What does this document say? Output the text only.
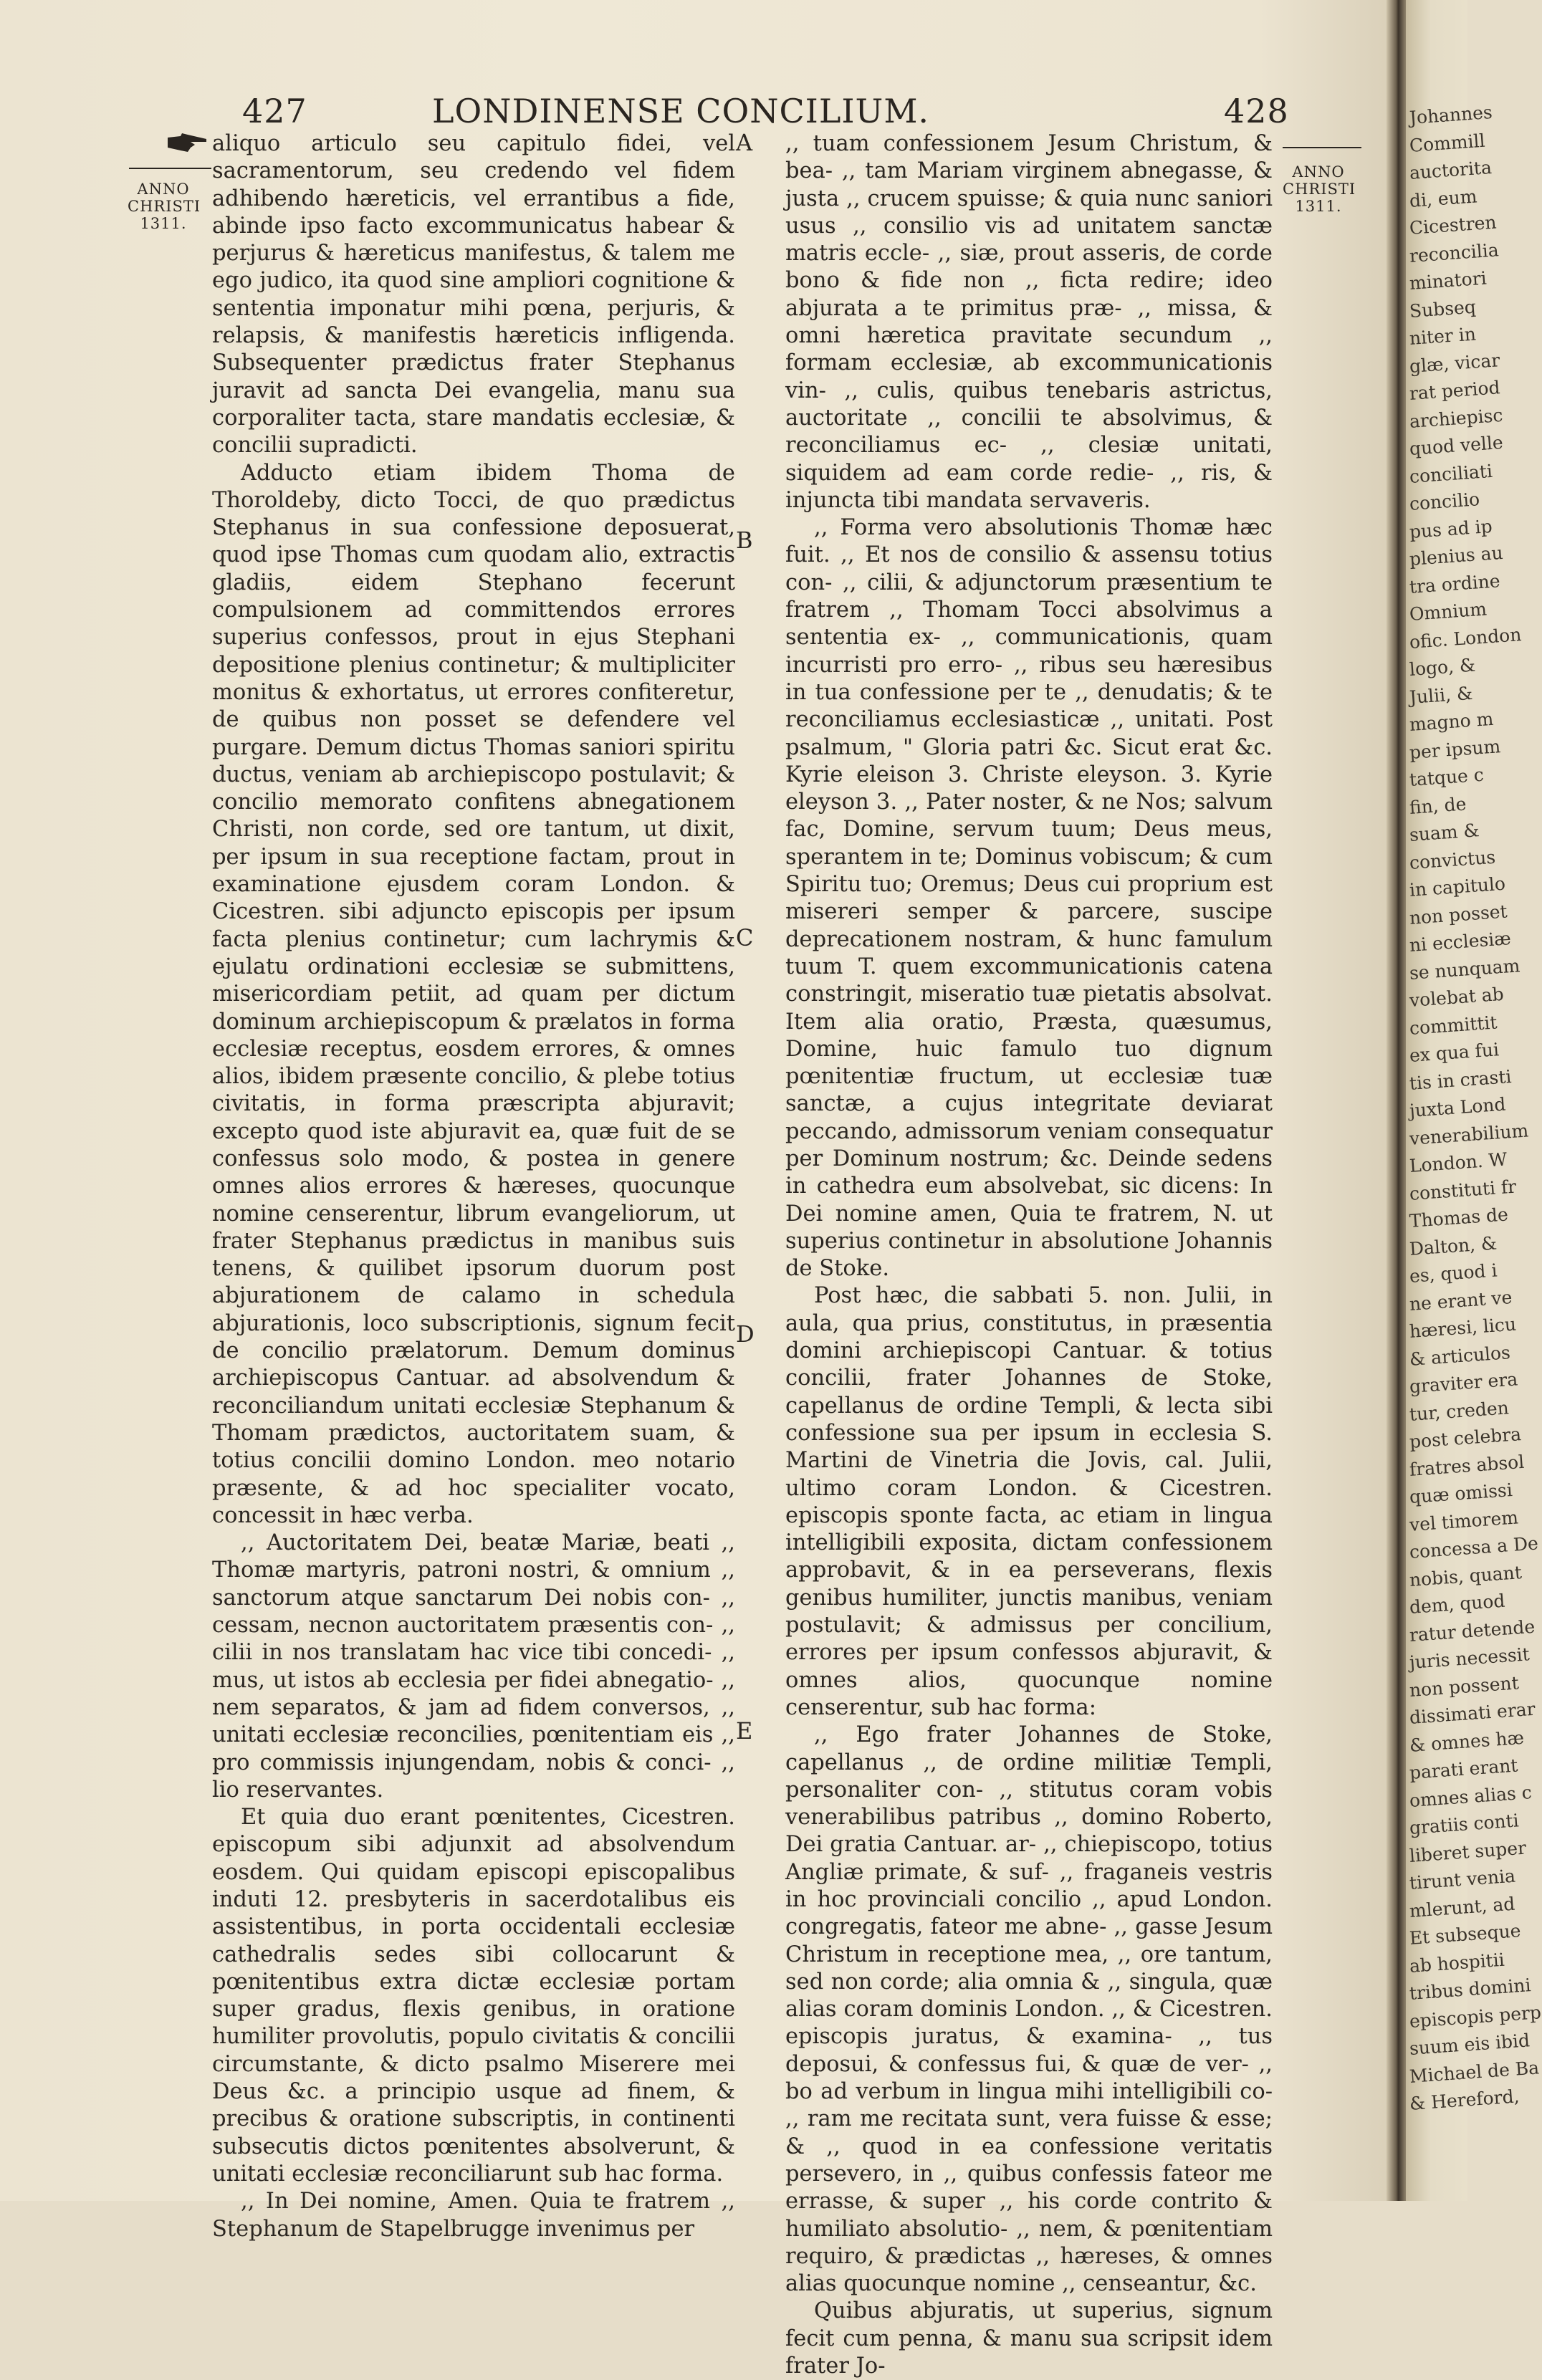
427	LONDINENSE CONCILIUM.	428
ANNO CHRISTI
1311.
ANNO CHRISTI
1311.
A
B
C
D
E

aliquo articulo seu capitulo fidei, vel sacramentorum, seu credendo vel fidem adhibendo hæreticis, vel errantibus a fide, abinde ipso facto excommunicatus habear & perjurus & hæreticus manifestus, & talem me ego judico, ita quod sine ampliori cognitione & sententia imponatur mihi pœna, perjuris, & relapsis, & manifestis hæreticis infligenda. Subsequenter prædictus frater Stephanus juravit ad sancta Dei evangelia, manu sua corporaliter tacta, stare mandatis ecclesiæ, & concilii supradicti.

Adducto etiam ibidem Thoma de Thoroldeby, dicto Tocci, de quo prædictus Stephanus in sua confessione deposuerat, quod ipse Thomas cum quodam alio, extractis gladiis, eidem Stephano fecerunt compulsionem ad committendos errores superius confessos, prout in ejus Stephani depositione plenius continetur; & multipliciter monitus & exhortatus, ut errores confiteretur, de quibus non posset se defendere vel purgare. Demum dictus Thomas saniori spiritu ductus, veniam ab archiepiscopo postulavit; & concilio memorato confitens abnegationem Christi, non corde, sed ore tantum, ut dixit, per ipsum in sua receptione factam, prout in examinatione ejusdem coram London. & Cicestren. sibi adjuncto episcopis per ipsum facta plenius continetur; cum lachrymis & ejulatu ordinationi ecclesiæ se submittens, misericordiam petiit, ad quam per dictum dominum archiepiscopum & prælatos in forma ecclesiæ receptus, eosdem errores, & omnes alios, ibidem præsente concilio, & plebe totius civitatis, in forma præscripta abjuravit; excepto quod iste abjuravit ea, quæ fuit de se confessus solo modo, & postea in genere omnes alios errores & hæreses, quocunque nomine censerentur, librum evangeliorum, ut frater Stephanus prædictus in manibus suis tenens, & quilibet ipsorum duorum post abjurationem de calamo in schedula abjurationis, loco subscriptionis, signum fecit de concilio prælatorum. Demum dominus archiepiscopus Cantuar. ad absolvendum & reconciliandum unitati ecclesiæ Stephanum & Thomam prædictos, auctoritatem suam, & totius concilii domino London. meo notario præsente, & ad hoc specialiter vocato, concessit in hæc verba.

,, Auctoritatem Dei, beatæ Mariæ, beati ,, Thomæ martyris, patroni nostri, & omnium ,, sanctorum atque sanctarum Dei nobis con- ,, cessam, necnon auctoritatem præsentis con- ,, cilii in nos translatam hac vice tibi concedi- ,, mus, ut istos ab ecclesia per fidei abnegatio- ,, nem separatos, & jam ad fidem conversos, ,, unitati ecclesiæ reconcilies, pœnitentiam eis ,, pro commissis injungendam, nobis & conci- ,, lio reservantes.

Et quia duo erant pœnitentes, Cicestren. episcopum sibi adjunxit ad absolvendum eosdem. Qui quidam episcopi episcopalibus induti 12. presbyteris in sacerdotalibus eis assistentibus, in porta occidentali ecclesiæ cathedralis sedes sibi collocarunt & pœnitentibus extra dictæ ecclesiæ portam super gradus, flexis genibus, in oratione humiliter provolutis, populo civitatis & concilii circumstante, & dicto psalmo Miserere mei Deus &c. a principio usque ad finem, & precibus & oratione subscriptis, in continenti subsecutis dictos pœnitentes absolverunt, & unitati ecclesiæ reconciliarunt sub hac forma.

,, In Dei nomine, Amen. Quia te fratrem ,, Stephanum de Stapelbrugge invenimus per

,, tuam confessionem Jesum Christum, & bea- ,, tam Mariam virginem abnegasse, & justa ,, crucem spuisse; & quia nunc saniori usus ,, consilio vis ad unitatem sanctæ matris eccle- ,, siæ, prout asseris, de corde bono & fide non ,, ficta redire; ideo abjurata a te primitus præ- ,, missa, & omni hæretica pravitate secundum ,, formam ecclesiæ, ab excommunicationis vin- ,, culis, quibus tenebaris astrictus, auctoritate ,, concilii te absolvimus, & reconciliamus ec- ,, clesiæ unitati, siquidem ad eam corde redie- ,, ris, & injuncta tibi mandata servaveris.

,, Forma vero absolutionis Thomæ hæc fuit. ,, Et nos de consilio & assensu totius con- ,, cilii, & adjunctorum præsentium te fratrem ,, Thomam Tocci absolvimus a sententia ex- ,, communicationis, quam incurristi pro erro- ,, ribus seu hæresibus in tua confessione per te ,, denudatis; & te reconciliamus ecclesiasticæ ,, unitati. Post psalmum, " Gloria patri &c. Sicut erat &c. Kyrie eleison 3. Christe eleyson. 3. Kyrie eleyson 3. ,, Pater noster, & ne Nos; salvum fac, Domine, servum tuum; Deus meus, sperantem in te; Dominus vobiscum; & cum Spiritu tuo; Oremus; Deus cui proprium est misereri semper & parcere, suscipe deprecationem nostram, & hunc famulum tuum T. quem excommunicationis catena constringit, miseratio tuæ pietatis absolvat. Item alia oratio, Præsta, quæsumus, Domine, huic famulo tuo dignum pœnitentiæ fructum, ut ecclesiæ tuæ sanctæ, a cujus integritate deviarat peccando, admissorum veniam consequatur per Dominum nostrum; &c. Deinde sedens in cathedra eum absolvebat, sic dicens: In Dei nomine amen, Quia te fratrem, N. ut superius continetur in absolutione Johannis de Stoke.

Post hæc, die sabbati 5. non. Julii, in aula, qua prius, constitutus, in præsentia domini archiepiscopi Cantuar. & totius concilii, frater Johannes de Stoke, capellanus de ordine Templi, & lecta sibi confessione sua per ipsum in ecclesia S. Martini de Vinetria die Jovis, cal. Julii, ultimo coram London. & Cicestren. episcopis sponte facta, ac etiam in lingua intelligibili exposita, dictam confessionem approbavit, & in ea perseverans, flexis genibus humiliter, junctis manibus, veniam postulavit; & admissus per concilium, errores per ipsum confessos abjuravit, & omnes alios, quocunque nomine censerentur, sub hac forma:

,, Ego frater Johannes de Stoke, capellanus ,, de ordine militiæ Templi, personaliter con- ,, stitutus coram vobis venerabilibus patribus ,, domino Roberto, Dei gratia Cantuar. ar- ,, chiepiscopo, totius Angliæ primate, & suf- ,, fraganeis vestris in hoc provinciali concilio ,, apud London. congregatis, fateor me abne- ,, gasse Jesum Christum in receptione mea, ,, ore tantum, sed non corde; alia omnia & ,, singula, quæ alias coram dominis London. ,, & Cicestren. episcopis juratus, & examina- ,, tus deposui, & confessus fui, & quæ de ver- ,, bo ad verbum in lingua mihi intelligibili co- ,, ram me recitata sunt, vera fuisse & esse; & ,, quod in ea confessione veritatis persevero, in ,, quibus confessis fateor me errasse, & super ,, his corde contrito & humiliato absolutio- ,, nem, & pœnitentiam requiro, & prædictas ,, hæreses, & omnes alias quocunque nomine ,, censeantur, &c.

Quibus abjuratis, ut superius, signum fecit cum penna, & manu sua scripsit idem frater Jo-

Johannes
Commill
auctorita
di, eum
Cicestren
reconcilia
minatori
Subseq
niter in
glæ, vicar
rat period
archiepisc
quod velle
conciliati
concilio
pus ad ip
plenius au
tra ordine
Omnium
ofic. London
logo, &
Julii, &
magno m
per ipsum
tatque c
fin, de
suam &
convictus
in capitulo
non posset
ni ecclesiæ
se nunquam
volebat ab
committit
ex qua fui
tis in crasti
juxta Lond
venerabilium
London. W
constituti fr
Thomas de
Dalton, &
es, quod i
ne erant ve
hæresi, licu
& articulos
graviter era
tur, creden
post celebra
fratres absol
quæ omissi
vel timorem
concessa a De
nobis, quant
dem, quod
ratur detende
juris necessit
non possent
dissimati erar
& omnes hæ
parati erant
omnes alias c
gratiis conti
liberet super
tirunt venia
mlerunt, ad
Et subseque
ab hospitii
tribus domini
episcopis perp
suum eis ibid
Michael de Ba
& Hereford,
